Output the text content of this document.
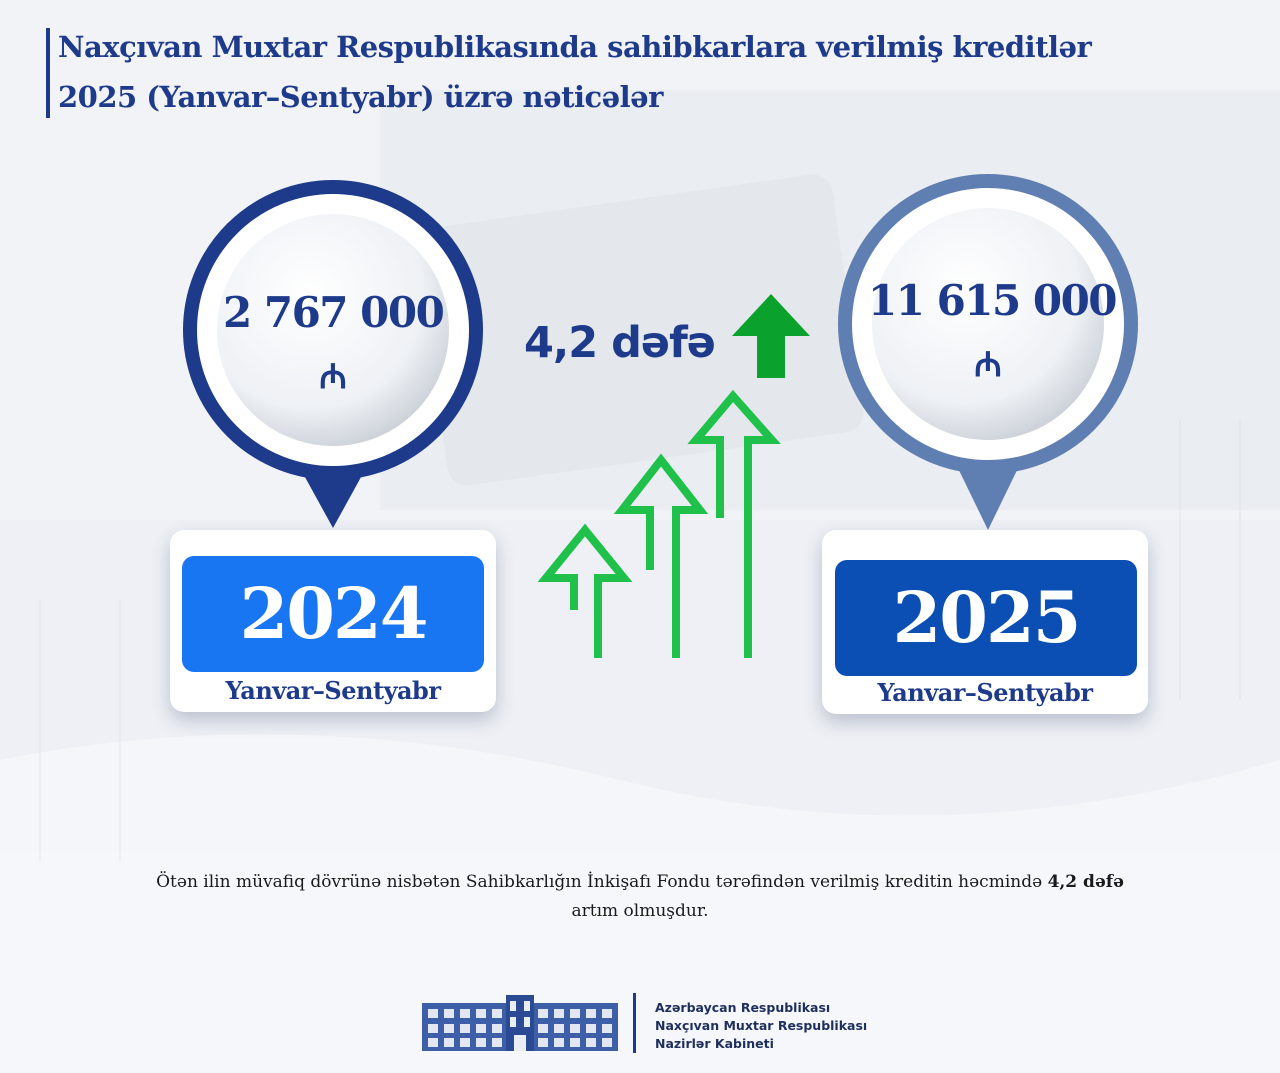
Naxçıvan Muxtar Respublikasında sahibkarlara verilmiş kreditlər
2025 (Yanvar–Sentyabr) üzrə nəticələr
2 767 000
₼
11 615 000
₼
4,2 dəfə
2024
Yanvar–Sentyabr
2025
Yanvar–Sentyabr
Ötən ilin müvafiq dövrünə nisbətən Sahibkarlığın İnkişafı Fondu tərəfindən verilmiş kreditin həcmində 4,2 dəfə
artım olmuşdur.
Azərbaycan Respublikası
Naxçıvan Muxtar Respublikası
Nazirlər Kabineti
